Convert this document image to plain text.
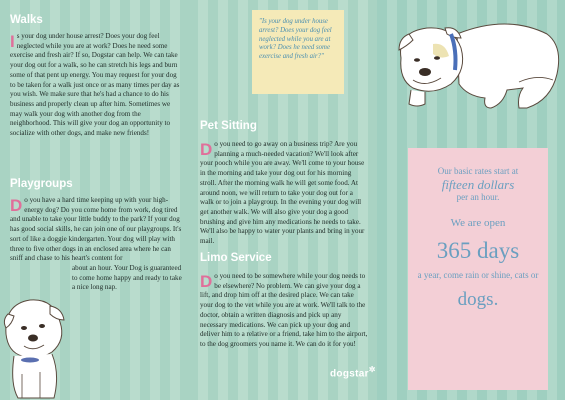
Walks

Is your dog under house arrest? Does your dog feel neglected while you are at work? Does he need some exercise and fresh air? If so, Dogstar can help. We can take your dog out for a walk, so he can stretch his legs and burn some of that pent up energy. You may request for your dog to be taken for a walk just once or as many times per day as you wish. We make sure that he's had a chance to do his business and properly clean up after him. Sometimes we may walk your dog with another dog from the neighborhood. This will give your dog an opportunity to socialize with other dogs, and make new friends!

Playgroups

Do you have a hard time keeping up with your high-energy dog? Do you come home from work, dog tired and unable to take your little buddy to the park? If your dog has good social skills, he can join one of our playgroups. It's sort of like a doggie kindergarten. Your dog will play with three to five other dogs in an enclosed area where he can sniff and chase to his heart's content for

about an hour. Your Dog is guaranteed to come home happy and ready to take a nice long nap.

"Is your dog under house arrest? Does your dog feel neglected while you are at work? Does he need some exercise and fresh air?"
Pet Sitting

Do you need to go away on a business trip? Are you planning a much-needed vacation? We'll look after your pooch while you are away. We'll come to your house in the morning and take your dog out for his morning stroll. After the morning walk he will get some food. At around noon, we will return to take your dog out for a walk or to join a playgroup. In the evening your dog will get another walk. We will also give your dog a good brushing and give him any medications he needs to take. We'll also be happy to water your plants and bring in your mail.

Limo Service

Do you need to be somewhere while your dog needs to be elsewhere? No problem. We can give your dog a lift, and drop him off at the desired place. We can take your dog to the vet while you are at work. We'll talk to the doctor, obtain a written diagnosis and pick up any necessary medications. We can pick up your dog and deliver him to a relative or a friend, take him to the airport, to the dog groomers you name it. We can do it for you!

dogstar✲
Our basic rates start at
fifteen dollars
per an hour.
We are open
365 days
a year, come rain or shine, cats or
dogs.
